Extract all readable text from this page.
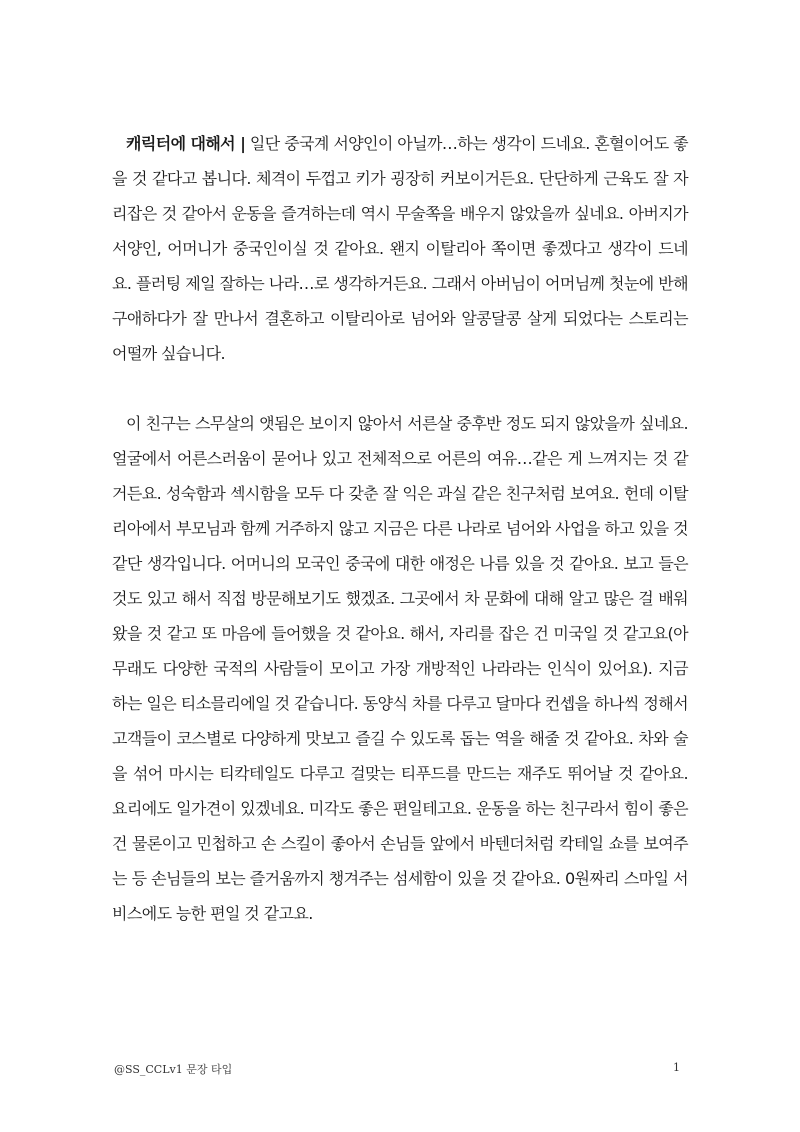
캐릭터에 대해서 | 일단 중국계 서양인이 아닐까…하는 생각이 드네요. 혼혈이어도 좋을 것 같다고 봅니다. 체격이 두껍고 키가 굉장히 커보이거든요. 단단하게 근육도 잘 자리잡은 것 같아서 운동을 즐겨하는데 역시 무술쪽을 배우지 않았을까 싶네요. 아버지가 서양인, 어머니가 중국인이실 것 같아요. 왠지 이탈리아 쪽이면 좋겠다고 생각이 드네요. 플러팅 제일 잘하는 나라…로 생각하거든요. 그래서 아버님이 어머님께 첫눈에 반해 구애하다가 잘 만나서 결혼하고 이탈리아로 넘어와 알콩달콩 살게 되었다는 스토리는 어떨까 싶습니다.

이 친구는 스무살의 앳됨은 보이지 않아서 서른살 중후반 정도 되지 않았을까 싶네요. 얼굴에서 어른스러움이 묻어나 있고 전체적으로 어른의 여유…같은 게 느껴지는 것 같거든요. 성숙함과 섹시함을 모두 다 갖춘 잘 익은 과실 같은 친구처럼 보여요. 헌데 이탈리아에서 부모님과 함께 거주하지 않고 지금은 다른 나라로 넘어와 사업을 하고 있을 것 같단 생각입니다. 어머니의 모국인 중국에 대한 애정은 나름 있을 것 같아요. 보고 들은 것도 있고 해서 직접 방문해보기도 했겠죠. 그곳에서 차 문화에 대해 알고 많은 걸 배워왔을 것 같고 또 마음에 들어했을 것 같아요. 해서, 자리를 잡은 건 미국일 것 같고요(아무래도 다양한 국적의 사람들이 모이고 가장 개방적인 나라라는 인식이 있어요). 지금 하는 일은 티소믈리에일 것 같습니다. 동양식 차를 다루고 달마다 컨셉을 하나씩 정해서 고객들이 코스별로 다양하게 맛보고 즐길 수 있도록 돕는 역을 해줄 것 같아요. 차와 술을 섞어 마시는 티칵테일도 다루고 걸맞는 티푸드를 만드는 재주도 뛰어날 것 같아요. 요리에도 일가견이 있겠네요. 미각도 좋은 편일테고요. 운동을 하는 친구라서 힘이 좋은 건 물론이고 민첩하고 손 스킬이 좋아서 손님들 앞에서 바텐더처럼 칵테일 쇼를 보여주는 등 손님들의 보는 즐거움까지 챙겨주는 섬세함이 있을 것 같아요. 0원짜리 스마일 서비스에도 능한 편일 것 같고요.

@SS_CCLv1 문장 타입	1
